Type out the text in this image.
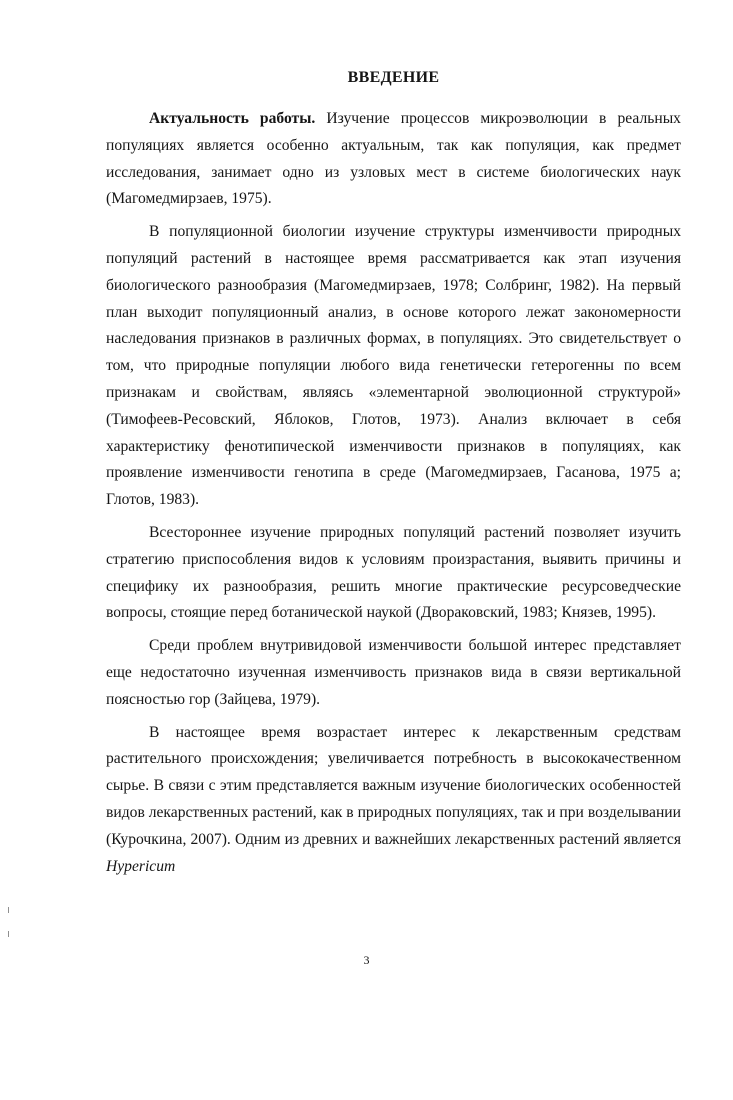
ВВЕДЕНИЕ

Актуальность работы. Изучение процессов микроэволюции в реальных популяциях является особенно актуальным, так как популяция, как предмет исследования, занимает одно из узловых мест в системе биологических наук (Магомедмирзаев, 1975).

В популяционной биологии изучение структуры изменчивости природных популяций растений в настоящее время рассматривается как этап изучения биологического разнообразия (Магомедмирзаев, 1978; Солбринг, 1982). На первый план выходит популяционный анализ, в основе которого лежат закономерности наследования признаков в различных формах, в популяциях. Это свидетельствует о том, что природные популяции любого вида генетически гетерогенны по всем признакам и свойствам, являясь «элементарной эволюционной структурой» (Тимофеев-Ресовский, Яблоков, Глотов, 1973). Анализ включает в себя характеристику фенотипической изменчивости признаков в популяциях, как проявление изменчивости генотипа в среде (Магомедмирзаев, Гасанова, 1975 а; Глотов, 1983).

Всестороннее изучение природных популяций растений позволяет изучить стратегию приспособления видов к условиям произрастания, выявить причины и специфику их разнообразия, решить многие практические ресурсоведческие вопросы, стоящие перед ботанической наукой (Двораковский, 1983; Князев, 1995).

Среди проблем внутривидовой изменчивости большой интерес представляет еще недостаточно изученная изменчивость признаков вида в связи вертикальной поясностью гор (Зайцева, 1979).

В настоящее время возрастает интерес к лекарственным средствам растительного происхождения; увеличивается потребность в высококачественном сырье. В связи с этим представляется важным изучение биологических особенностей видов лекарственных растений, как в природных популяциях, так и при возделывании (Курочкина, 2007). Одним из древних и важнейших лекарственных растений является Hypericum

3
